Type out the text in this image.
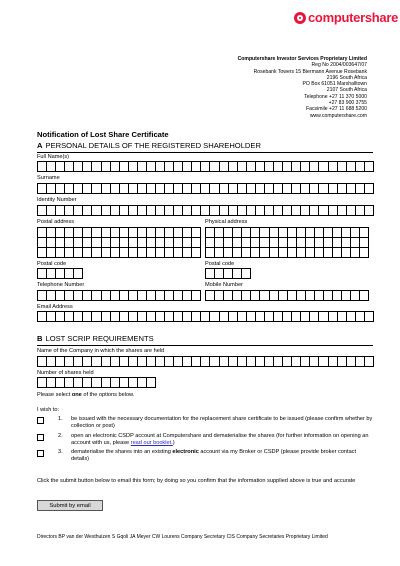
computershare
Computershare Investor Services Proprietary Limited
Reg No 2004/003647/07
Rosebank Towers 15 Biermann Avenue Rosebank
2196 South Africa
PO Box 61051 Marshalltown
2107 South Africa
Telephone +27 11 370 5000
+27 83 900 3755
Facsimile +27 11 688 5200
www.computershare.com
Notification of Lost Share Certificate
A PERSONAL DETAILS OF THE REGISTERED SHAREHOLDER
Full Name(s)
Surname
Identity Number
Postal address	Physical address
Postal code	Postal code
Telephone Number	Mobile Number
Email Address
B LOST SCRIP REQUIREMENTS
Name of the Company in which the shares are held
Number of shares held
Please select one of the options below.
I wish to:
1. be issued with the necessary documentation for the replacement share certificate to be issued (please confirm whether by collection or post)
2. open an electronic CSDP account at Computershare and dematerialise the shares (for further information on opening an account with us, please read our booklet.)
3. dematerialise the shares into an existing electronic account via my Broker or CSDP (please provide broker contact details)
Click the submit button below to email this form; by doing so you confirm that the information supplied above is true and accurate
Submit by email
Directors BP van der Westhuizen S Gqoli JA Meyer CW Lourens Company Secretary CIS Company Secretaries Proprietary Limited
